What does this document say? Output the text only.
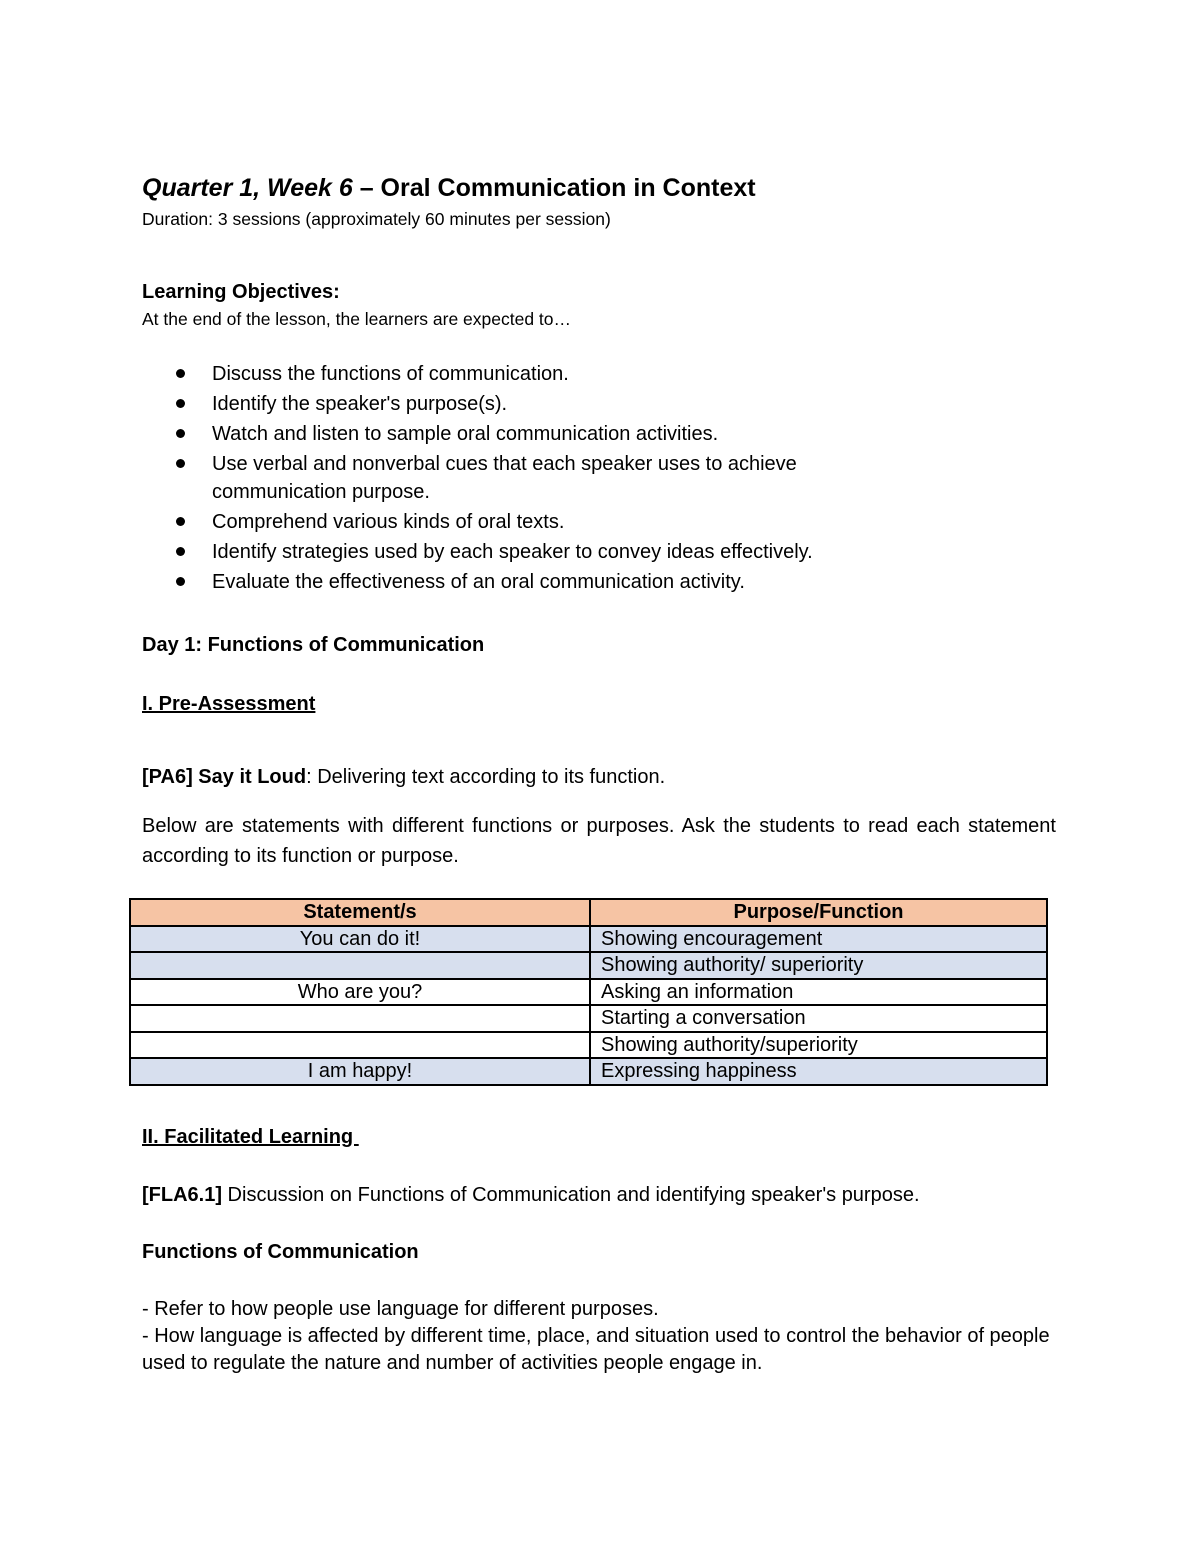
Quarter 1, Week 6 – Oral Communication in Context
Duration: 3 sessions (approximately 60 minutes per session)
Learning Objectives:
At the end of the lesson, the learners are expected to…
Discuss the functions of communication.
Identify the speaker's purpose(s).
Watch and listen to sample oral communication activities.
Use verbal and nonverbal cues that each speaker uses to achieve communication purpose.
Comprehend various kinds of oral texts.
Identify strategies used by each speaker to convey ideas effectively.
Evaluate the effectiveness of an oral communication activity.
Day 1: Functions of Communication
I. Pre-Assessment
[PA6] Say it Loud: Delivering text according to its function.
Below are statements with different functions or purposes. Ask the students to read each statement according to its function or purpose.
Statement/s	Purpose/Function
You can do it!	Showing encouragement
	Showing authority/ superiority
Who are you?	Asking an information
	Starting a conversation
	Showing authority/superiority
I am happy!	Expressing happiness
II. Facilitated Learning
[FLA6.1] Discussion on Functions of Communication and identifying speaker's purpose.
Functions of Communication

- Refer to how people use language for different purposes.

- How language is affected by different time, place, and situation used to control the behavior of people used to regulate the nature and number of activities people engage in.
